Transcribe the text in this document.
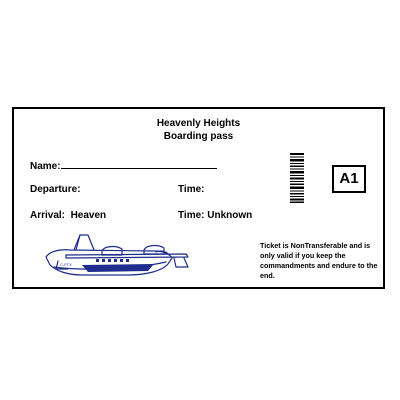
Heavenly Heights
Boarding pass
Name:
Departure:	Time:
Arrival: Heaven	Time: Unknown
A1
C-FTX
Ticket is NonTransferable and is only valid if you keep the commandments and endure to the end.
